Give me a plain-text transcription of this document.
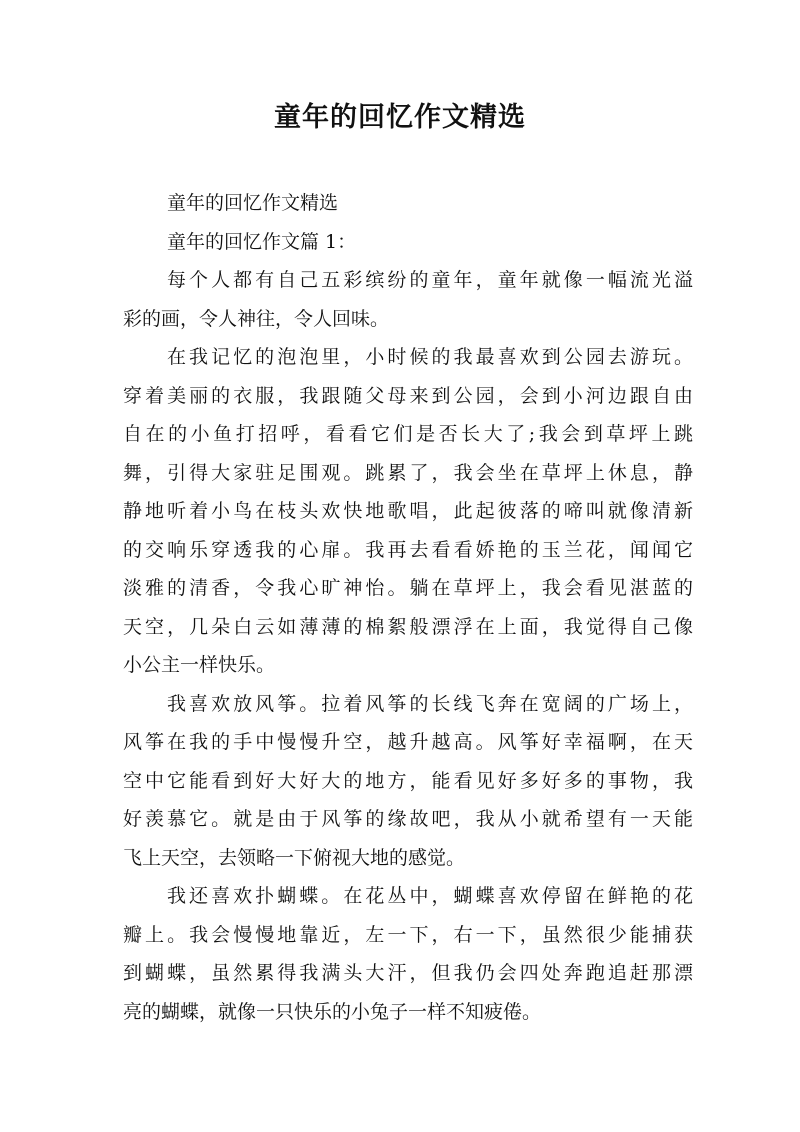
童年的回忆作文精选
童年的回忆作文精选
童年的回忆作文篇 1：
每个人都有自己五彩缤纷的童年，童年就像一幅流光溢
彩的画，令人神往，令人回味。
在我记忆的泡泡里，小时候的我最喜欢到公园去游玩。
穿着美丽的衣服，我跟随父母来到公园，会到小河边跟自由
自在的小鱼打招呼，看看它们是否长大了;我会到草坪上跳
舞，引得大家驻足围观。跳累了，我会坐在草坪上休息，静
静地听着小鸟在枝头欢快地歌唱，此起彼落的啼叫就像清新
的交响乐穿透我的心扉。我再去看看娇艳的玉兰花，闻闻它
淡雅的清香，令我心旷神怡。躺在草坪上，我会看见湛蓝的
天空，几朵白云如薄薄的棉絮般漂浮在上面，我觉得自己像
小公主一样快乐。
我喜欢放风筝。拉着风筝的长线飞奔在宽阔的广场上，
风筝在我的手中慢慢升空，越升越高。风筝好幸福啊，在天
空中它能看到好大好大的地方，能看见好多好多的事物，我
好羡慕它。就是由于风筝的缘故吧，我从小就希望有一天能
飞上天空，去领略一下俯视大地的感觉。
我还喜欢扑蝴蝶。在花丛中，蝴蝶喜欢停留在鲜艳的花
瓣上。我会慢慢地靠近，左一下，右一下，虽然很少能捕获
到蝴蝶，虽然累得我满头大汗，但我仍会四处奔跑追赶那漂
亮的蝴蝶，就像一只快乐的小兔子一样不知疲倦。
